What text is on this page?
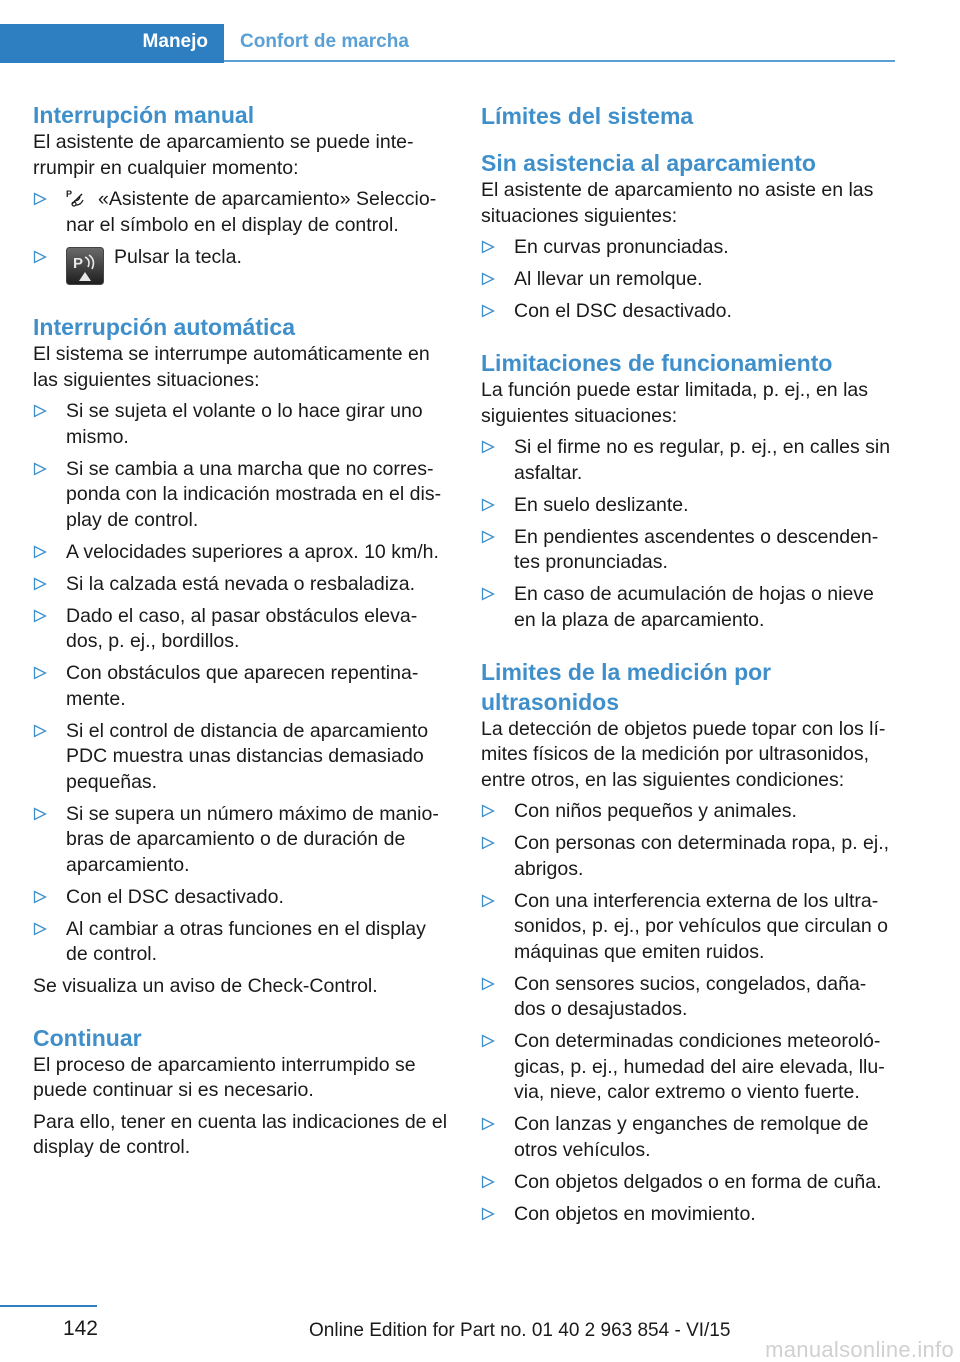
Manejo Confort de marcha
Interrupción manual
El asistente de aparcamiento se puede inte-rrumpir en cualquier momento:
P «Asistente de aparcamiento» Seleccio-nar el símbolo en el display de control.
P Pulsar la tecla.
Interrupción automática
El sistema se interrumpe automáticamente en las siguientes situaciones:
Si se sujeta el volante o lo hace girar uno mismo.
Si se cambia a una marcha que no corres-ponda con la indicación mostrada en el dis-play de control.
A velocidades superiores a aprox. 10 km/h.
Si la calzada está nevada o resbaladiza.
Dado el caso, al pasar obstáculos eleva-dos, p. ej., bordillos.
Con obstáculos que aparecen repentina-mente.
Si el control de distancia de aparcamiento PDC muestra unas distancias demasiado pequeñas.
Si se supera un número máximo de manio-bras de aparcamiento o de duración de aparcamiento.
Con el DSC desactivado.
Al cambiar a otras funciones en el display de control.
Se visualiza un aviso de Check-Control.
Continuar
El proceso de aparcamiento interrumpido se puede continuar si es necesario.
Para ello, tener en cuenta las indicaciones de el display de control.
Límites del sistema
Sin asistencia al aparcamiento
El asistente de aparcamiento no asiste en las situaciones siguientes:
En curvas pronunciadas.
Al llevar un remolque.
Con el DSC desactivado.
Limitaciones de funcionamiento
La función puede estar limitada, p. ej., en las siguientes situaciones:
Si el firme no es regular, p. ej., en calles sin asfaltar.
En suelo deslizante.
En pendientes ascendentes o descenden-tes pronunciadas.
En caso de acumulación de hojas o nieve en la plaza de aparcamiento.
Limites de la medición por ultrasonidos
La detección de objetos puede topar con los lí-mites físicos de la medición por ultrasonidos, entre otros, en las siguientes condiciones:
Con niños pequeños y animales.
Con personas con determinada ropa, p. ej., abrigos.
Con una interferencia externa de los ultra-sonidos, p. ej., por vehículos que circulan o máquinas que emiten ruidos.
Con sensores sucios, congelados, daña-dos o desajustados.
Con determinadas condiciones meteoroló-gicas, p. ej., humedad del aire elevada, llu-via, nieve, calor extremo o viento fuerte.
Con lanzas y enganches de remolque de otros vehículos.
Con objetos delgados o en forma de cuña.
Con objetos en movimiento.
142	Online Edition for Part no. 01 40 2 963 854 - VI/15
manualsonline.info
